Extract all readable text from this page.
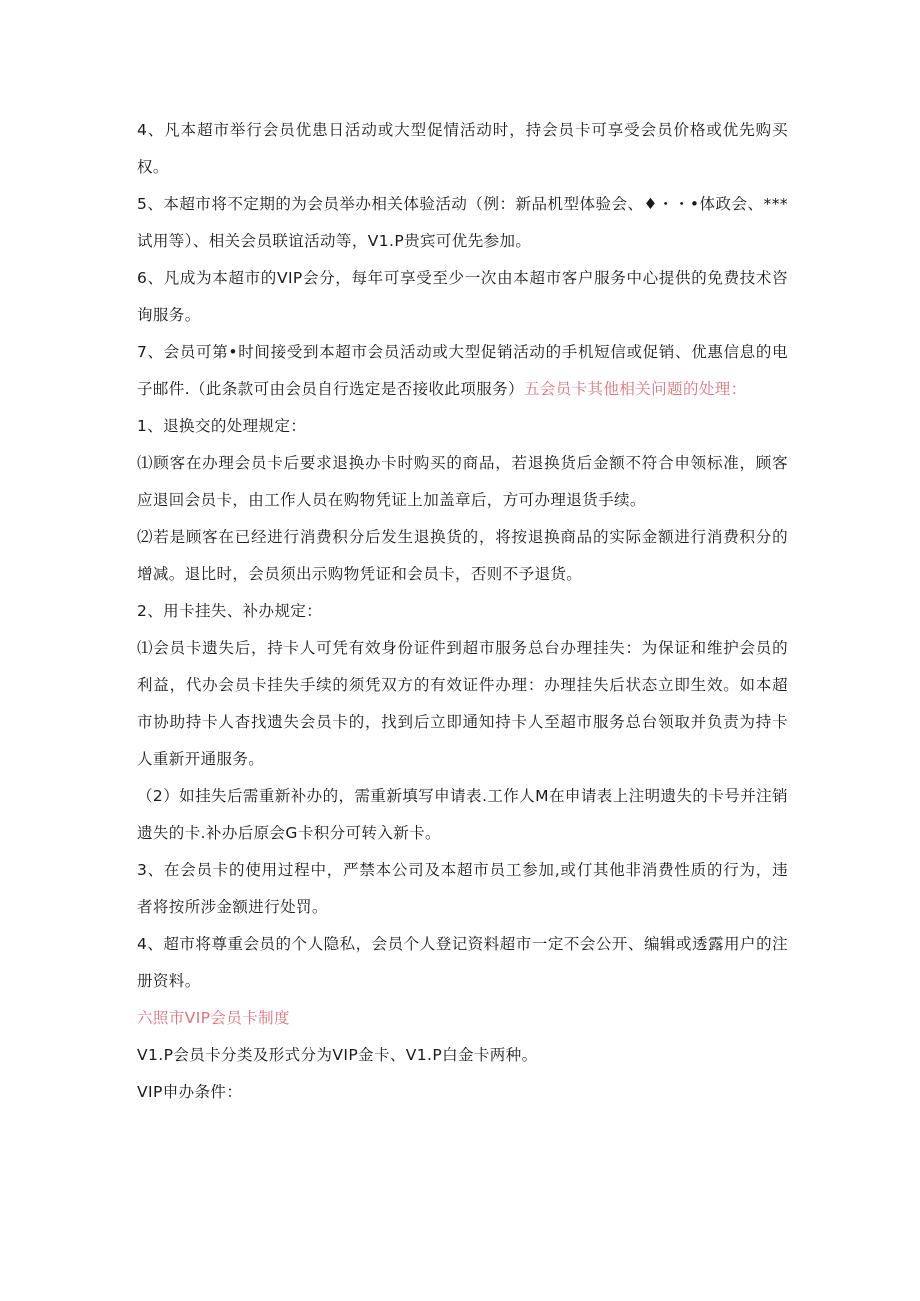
4、凡本超市举行会员优患日活动或大型促情活动时，持会员卡可享受会员价格或优先购买权。

5、本超市将不定期的为会员举办相关体验活动（例：新品机型体验会、♦・・•体政会、***试用等）、相关会员联谊活动等，V1.P贵宾可优先参加。

6、凡成为本超市的VIP会分，每年可享受至少一次由本超市客户服务中心提供的免费技术咨询服务。

7、会员可第•时间接受到本超市会员活动或大型促销活动的手机短信或促销、优惠信息的电子邮件.（此条款可由会员自行选定是否接收此项服务）五会员卡其他相关问题的处理：

1、退换交的处理规定：

⑴顾客在办理会员卡后要求退换办卡时购买的商品，若退换货后金额不符合申领标准，顾客应退回会员卡，由工作人员在购物凭证上加盖章后，方可办理退货手续。

⑵若是顾客在已经进行消费积分后发生退换货的，将按退换商品的实际金额进行消费积分的增减。退比时，会员须出示购物凭证和会员卡，否则不予退货。

2、用卡挂失、补办规定：

⑴会员卡遗失后，持卡人可凭有效身份证件到超市服务总台办理挂失：为保证和维护会员的利益，代办会员卡挂失手续的须凭双方的有效证件办理：办理挂失后状态立即生效。如本超市协助持卡人杳找遗失会员卡的，找到后立即通知持卡人至超市服务总台领取并负责为持卡人重新开通服务。

（2）如挂失后需重新补办的，需重新填写申请表.工作人M在申请表上注明遗失的卡号并注销遗失的卡.补办后原会G卡积分可转入新卡。

3、在会员卡的使用过程中，严禁本公司及本超市员工参加,或仃其他非消费性质的行为，违者将按所涉金额进行处罚。

4、超市将尊重会员的个人隐私，会员个人登记资料超市一定不会公开、编辑或透露用户的注册资料。

六照市VIP会员卡制度

V1.P会员卡分类及形式分为VIP金卡、V1.P白金卡两种。

VIP申办条件：
